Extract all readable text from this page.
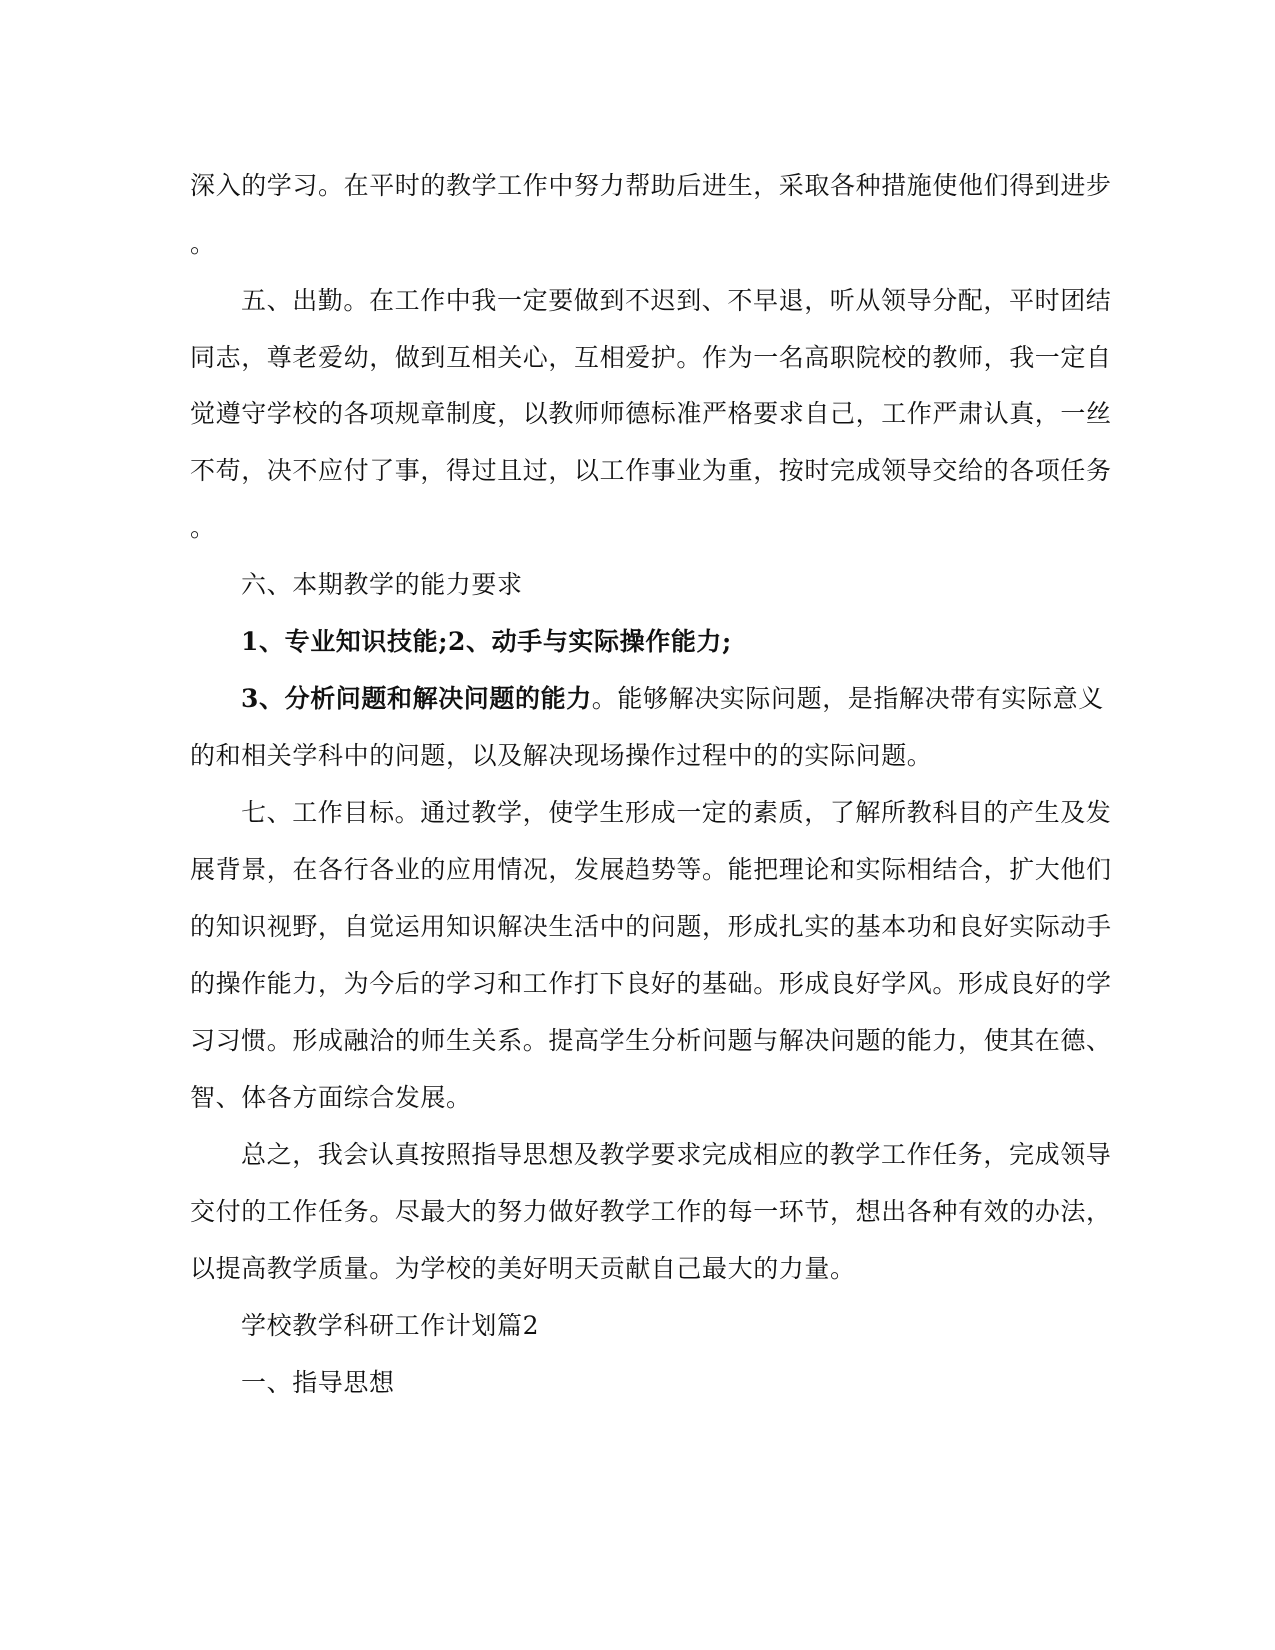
深入的学习。在平时的教学工作中努力帮助后进生，采取各种措施使他们得到进步
。
五、出勤。在工作中我一定要做到不迟到、不早退，听从领导分配，平时团结
同志，尊老爱幼，做到互相关心，互相爱护。作为一名高职院校的教师，我一定自
觉遵守学校的各项规章制度，以教师师德标准严格要求自己，工作严肃认真，一丝
不苟，决不应付了事，得过且过，以工作事业为重，按时完成领导交给的各项任务
。
六、本期教学的能力要求
1、专业知识技能;2、动手与实际操作能力;
3、分析问题和解决问题的能力。能够解决实际问题，是指解决带有实际意义
的和相关学科中的问题，以及解决现场操作过程中的的实际问题。
七、工作目标。通过教学，使学生形成一定的素质，了解所教科目的产生及发
展背景，在各行各业的应用情况，发展趋势等。能把理论和实际相结合，扩大他们
的知识视野，自觉运用知识解决生活中的问题，形成扎实的基本功和良好实际动手
的操作能力，为今后的学习和工作打下良好的基础。形成良好学风。形成良好的学
习习惯。形成融洽的师生关系。提高学生分析问题与解决问题的能力，使其在德、
智、体各方面综合发展。
总之，我会认真按照指导思想及教学要求完成相应的教学工作任务，完成领导
交付的工作任务。尽最大的努力做好教学工作的每一环节，想出各种有效的办法，
以提高教学质量。为学校的美好明天贡献自己最大的力量。
学校教学科研工作计划篇2
一、指导思想
